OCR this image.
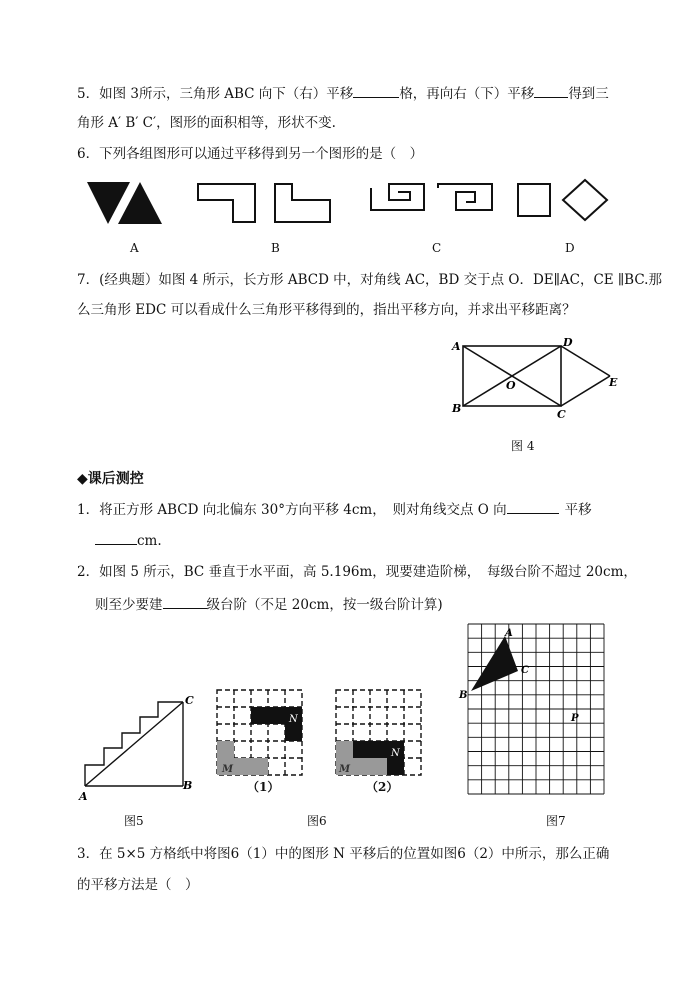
5．如图 3所示，三角形 ABC 向下（右）平移	格，再向右（下）平移	得到三
角形 A′ B′ C′，图形的面积相等，形状不变.
6．下列各组图形可以通过平移得到另一个图形的是（　）
A	B	C	D
7．(经典题）如图 4 所示，长方形 ABCD 中，对角线 AC，BD 交于点 O．DE∥AC，CE ∥BC.那
么三角形 EDC 可以看成什么三角形平移得到的，指出平移方向，并求出平移距离？
A	D
O	E
B	C
图 4
◆课后测控
1．将正方形 ABCD 向北偏东 30°方向平移 4cm，　则对角线交点 O 向	平移
cm.
2．如图 5 所示，BC 垂直于水平面，高 5.196m，现要建造阶梯，　每级台阶不超过 20cm，
则至少要建	级台阶（不足 20cm，按一级台阶计算)
C
A
B
图5
N
M
（1）
N
M
（2）
图6
A
C
B
P
图7
3．在 5×5 方格纸中将图6（1）中的图形 N 平移后的位置如图6（2）中所示，那么正确
的平移方法是（　）
